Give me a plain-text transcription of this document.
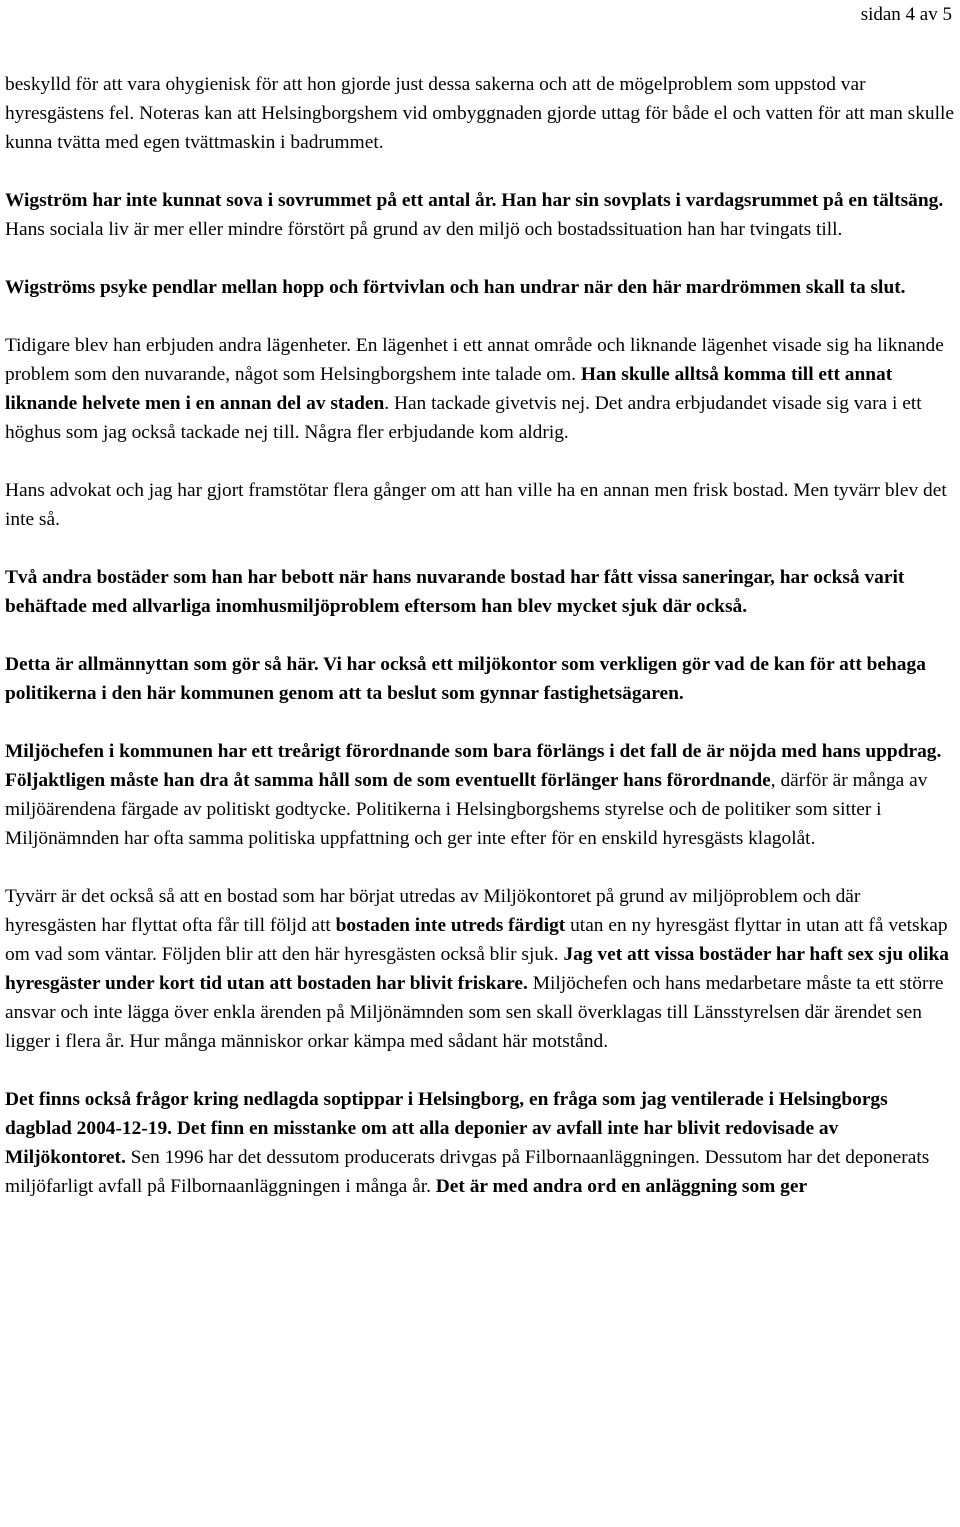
sidan 4 av 5

beskylld för att vara ohygienisk för att hon gjorde just dessa sakerna och att de mögelproblem som uppstod var hyresgästens fel. Noteras kan att Helsingborgshem vid ombyggnaden gjorde uttag för både el och vatten för att man skulle kunna tvätta med egen tvättmaskin i badrummet.

Wigström har inte kunnat sova i sovrummet på ett antal år. Han har sin sovplats i vardagsrummet på en tältsäng. Hans sociala liv är mer eller mindre förstört på grund av den miljö och bostadssituation han har tvingats till.

Wigströms psyke pendlar mellan hopp och förtvivlan och han undrar när den här mardrömmen skall ta slut.

Tidigare blev han erbjuden andra lägenheter. En lägenhet i ett annat område och liknande lägenhet visade sig ha liknande problem som den nuvarande, något som Helsingborgshem inte talade om. Han skulle alltså komma till ett annat liknande helvete men i en annan del av staden. Han tackade givetvis nej. Det andra erbjudandet visade sig vara i ett höghus som jag också tackade nej till. Några fler erbjudande kom aldrig.

Hans advokat och jag har gjort framstötar flera gånger om att han ville ha en annan men frisk bostad. Men tyvärr blev det inte så.

Två andra bostäder som han har bebott när hans nuvarande bostad har fått vissa saneringar, har också varit behäftade med allvarliga inomhusmiljöproblem eftersom han blev mycket sjuk där också.

Detta är allmännyttan som gör så här. Vi har också ett miljökontor som verkligen gör vad de kan för att behaga politikerna i den här kommunen genom att ta beslut som gynnar fastighetsägaren.

Miljöchefen i kommunen har ett treårigt förordnande som bara förlängs i det fall de är nöjda med hans uppdrag. Följaktligen måste han dra åt samma håll som de som eventuellt förlänger hans förordnande, därför är många av miljöärendena färgade av politiskt godtycke. Politikerna i Helsingborgshems styrelse och de politiker som sitter i Miljönämnden har ofta samma politiska uppfattning och ger inte efter för en enskild hyresgästs klagolåt.

Tyvärr är det också så att en bostad som har börjat utredas av Miljökontoret på grund av miljöproblem och där hyresgästen har flyttat ofta får till följd att bostaden inte utreds färdigt utan en ny hyresgäst flyttar in utan att få vetskap om vad som väntar. Följden blir att den här hyresgästen också blir sjuk. Jag vet att vissa bostäder har haft sex sju olika hyresgäster under kort tid utan att bostaden har blivit friskare. Miljöchefen och hans medarbetare måste ta ett större ansvar och inte lägga över enkla ärenden på Miljönämnden som sen skall överklagas till Länsstyrelsen där ärendet sen ligger i flera år. Hur många människor orkar kämpa med sådant här motstånd.

Det finns också frågor kring nedlagda soptippar i Helsingborg, en fråga som jag ventilerade i Helsingborgs dagblad 2004-12-19. Det finn en misstanke om att alla deponier av avfall inte har blivit redovisade av Miljökontoret. Sen 1996 har det dessutom producerats drivgas på Filbornaanläggningen. Dessutom har det deponerats miljöfarligt avfall på Filbornaanläggningen i många år. Det är med andra ord en anläggning som ger
